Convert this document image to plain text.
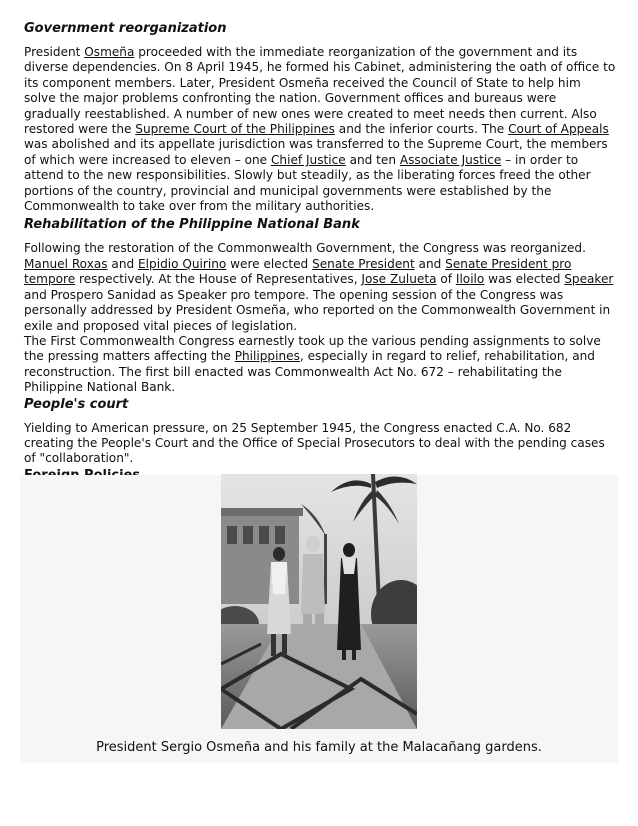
Government reorganization

President Osmeña proceeded with the immediate reorganization of the government and its diverse dependencies. On 8 April 1945, he formed his Cabinet, administering the oath of office to its component members. Later, President Osmeña received the Council of State to help him solve the major problems confronting the nation. Government offices and bureaus were gradually reestablished. A number of new ones were created to meet needs then current. Also restored were the Supreme Court of the Philippines and the inferior courts. The Court of Appeals was abolished and its appellate jurisdiction was transferred to the Supreme Court, the members of which were increased to eleven – one Chief Justice and ten Associate Justice – in order to attend to the new responsibilities. Slowly but steadily, as the liberating forces freed the other portions of the country, provincial and municipal governments were established by the Commonwealth to take over from the military authorities.

Rehabilitation of the Philippine National Bank

Following the restoration of the Commonwealth Government, the Congress was reorganized. Manuel Roxas and Elpidio Quirino were elected Senate President and Senate President pro tempore respectively. At the House of Representatives, Jose Zulueta of Iloilo was elected Speaker and Prospero Sanidad as Speaker pro tempore. The opening session of the Congress was personally addressed by President Osmeña, who reported on the Commonwealth Government in exile and proposed vital pieces of legislation.

The First Commonwealth Congress earnestly took up the various pending assignments to solve the pressing matters affecting the Philippines, especially in regard to relief, rehabilitation, and reconstruction. The first bill enacted was Commonwealth Act No. 672 – rehabilitating the Philippine National Bank.

People's court

Yielding to American pressure, on 25 September 1945, the Congress enacted C.A. No. 682 creating the People's Court and the Office of Special Prosecutors to deal with the pending cases of "collaboration".

President Sergio Osmeña and his family at the Malacañang gardens.
